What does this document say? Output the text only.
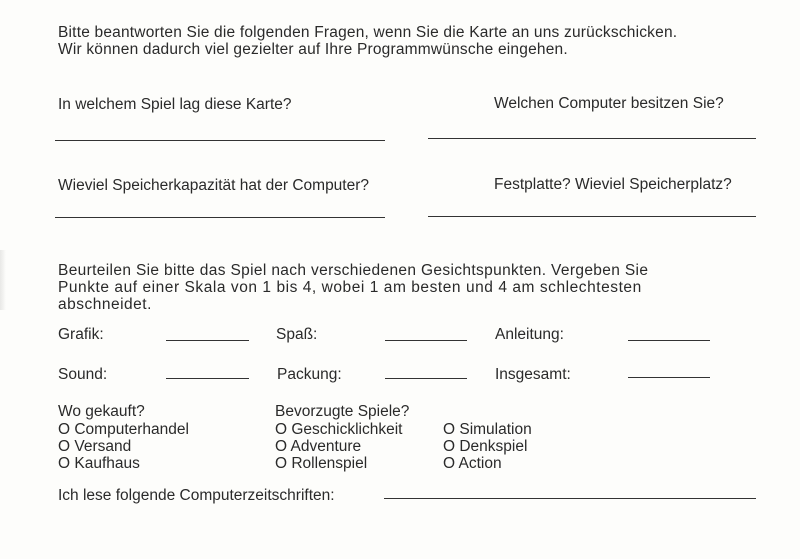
Bitte beantworten Sie die folgenden Fragen, wenn Sie die Karte an uns zurückschicken.
Wir können dadurch viel gezielter auf Ihre Programmwünsche eingehen.
In welchem Spiel lag diese Karte?	Welchen Computer besitzen Sie?
Wieviel Speicherkapazität hat der Computer?	Festplatte? Wieviel Speicherplatz?
Beurteilen Sie bitte das Spiel nach verschiedenen Gesichtspunkten. Vergeben Sie
Punkte auf einer Skala von 1 bis 4, wobei 1 am besten und 4 am schlechtesten
abschneidet.
Grafik:	Spaß:	Anleitung:
Sound:	Packung:	Insgesamt:
Wo gekauft?
O Computerhandel
O Versand
O Kaufhaus
Bevorzugte Spiele?
O Geschicklichkeit
O Adventure
O Rollenspiel
O Simulation
O Denkspiel
O Action
Ich lese folgende Computerzeitschriften:
